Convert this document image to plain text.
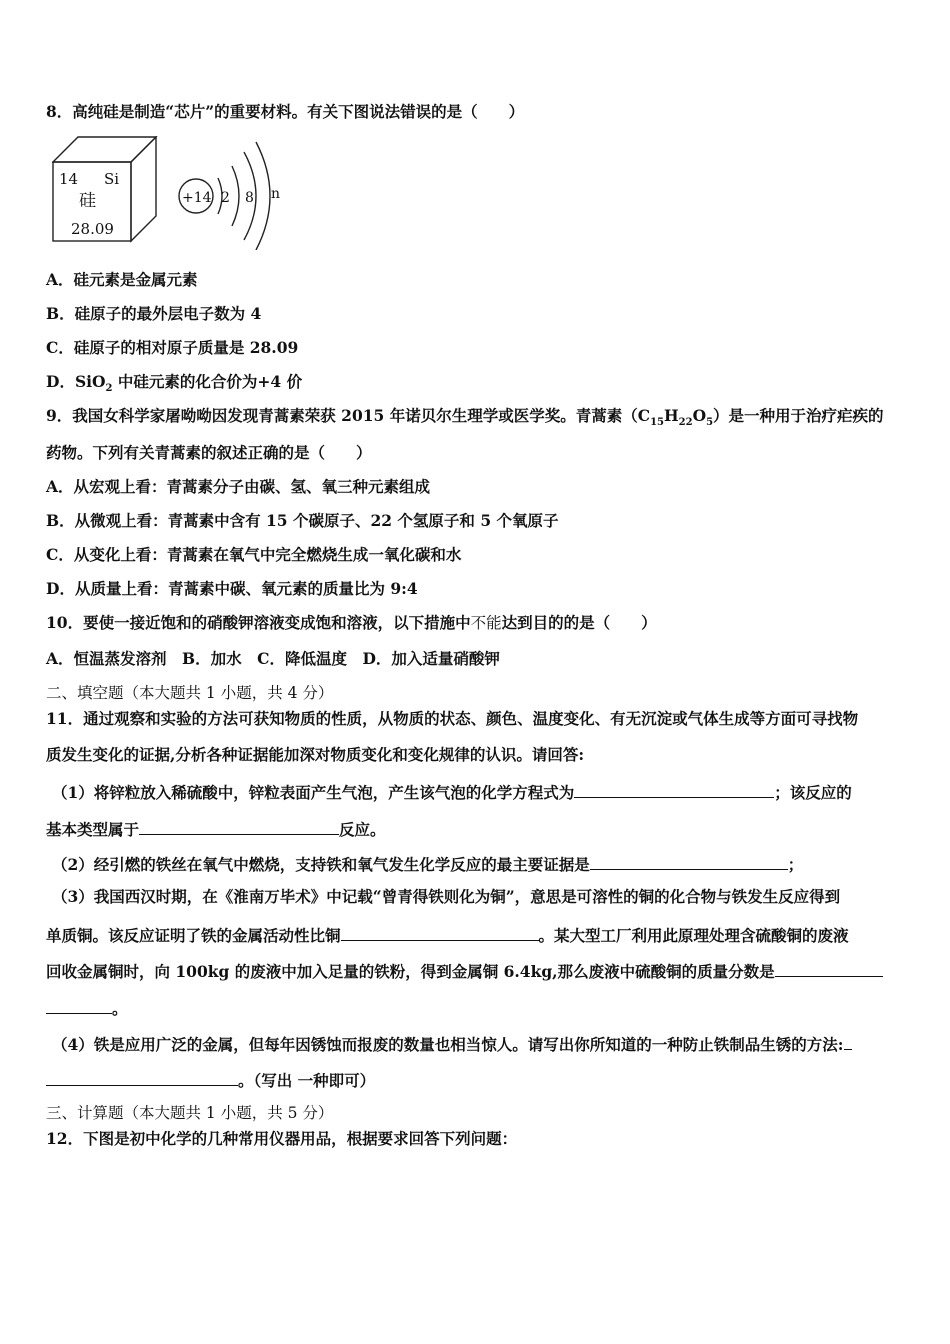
8．高纯硅是制造“芯片”的重要材料。有关下图说法错误的是（　　）
14 Si
硅
28.09
+14 2 8 n
A．硅元素是金属元素
B．硅原子的最外层电子数为 4
C．硅原子的相对原子质量是 28.09
D．SiO$_2$ 中硅元素的化合价为+4 价
9．我国女科学家屠呦呦因发现青蒿素荣获 2015 年诺贝尔生理学或医学奖。青蒿素$(C_{15}H_{22}O_5)$是一种用于治疗疟疾的
药物。下列有关青蒿素的叙述正确的是（　　）
A．从宏观上看：青蒿素分子由碳、氢、氧三种元素组成
B．从微观上看：青蒿素中含有 15 个碳原子、22 个氢原子和 5 个氧原子
C．从变化上看：青蒿素在氧气中完全燃烧生成一氧化碳和水
D．从质量上看：青蒿素中碳、氧元素的质量比为 9:4
10．要使一接近饱和的硝酸钾溶液变成饱和溶液，以下措施中不能达到目的的是（　　）
A．恒温蒸发溶剂　B．加水　C．降低温度　D．加入适量硝酸钾
二、填空题（本大题共 1 小题，共 4 分）
11．通过观察和实验的方法可获知物质的性质，从物质的状态、颜色、温度变化、有无沉淀或气体生成等方面可寻找物
质发生变化的证据,分析各种证据能加深对物质变化和变化规律的认识。请回答:
（1）将锌粒放入稀硫酸中，锌粒表面产生气泡，产生该气泡的化学方程式为	；该反应的
基本类型属于	反应。
（2）经引燃的铁丝在氧气中燃烧，支持铁和氧气发生化学反应的最主要证据是	；
（3）我国西汉时期，在《淮南万毕术》中记载“曾青得铁则化为铜”，意思是可溶性的铜的化合物与铁发生反应得到
单质铜。该反应证明了铁的金属活动性比铜	。某大型工厂利用此原理处理含硫酸铜的废液
回收金属铜时，向 100kg 的废液中加入足量的铁粉，得到金属铜 6.4kg,那么废液中硫酸铜的质量分数是
。
（4）铁是应用广泛的金属，但每年因锈蚀而报废的数量也相当惊人。请写出你所知道的一种防止铁制品生锈的方法:
。（写出 一种即可）
三、计算题（本大题共 1 小题，共 5 分）
12．下图是初中化学的几种常用仪器用品，根据要求回答下列问题：
